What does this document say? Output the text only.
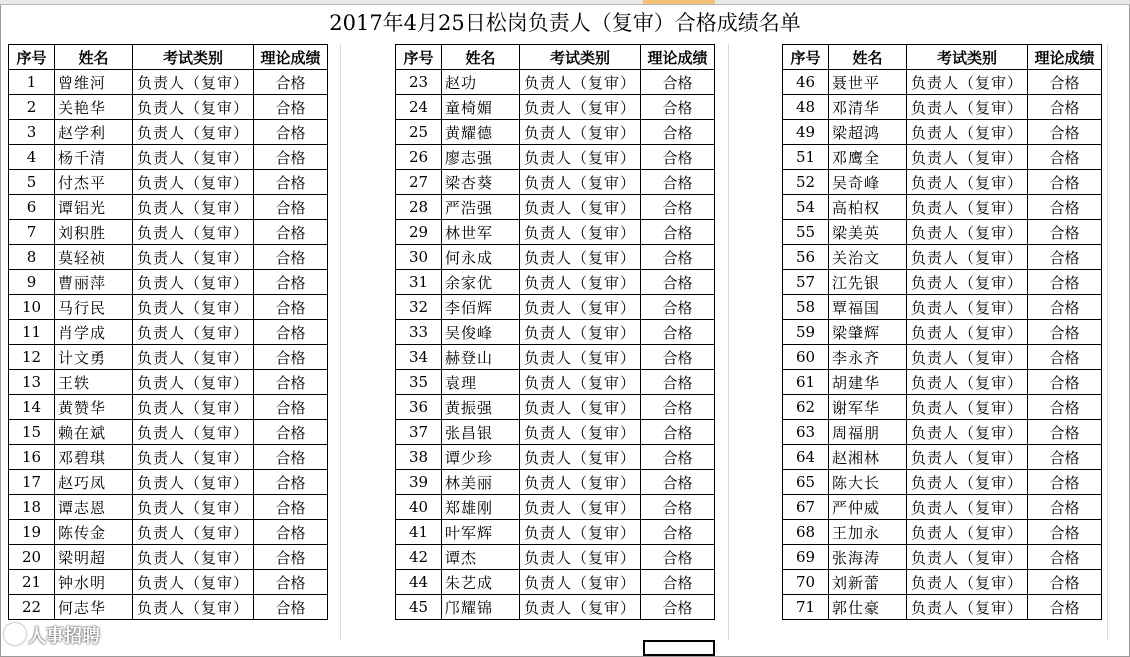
2017年4月25日松岗负责人（复审）合格成绩名单
序号	姓名	考试类别	理论成绩
1	曾维河	负责人（复审）	合格
2	关艳华	负责人（复审）	合格
3	赵学利	负责人（复审）	合格
4	杨千清	负责人（复审）	合格
5	付杰平	负责人（复审）	合格
6	谭铝光	负责人（复审）	合格
7	刘积胜	负责人（复审）	合格
8	莫轻祯	负责人（复审）	合格
9	曹丽萍	负责人（复审）	合格
10	马行民	负责人（复审）	合格
11	肖学成	负责人（复审）	合格
12	计文勇	负责人（复审）	合格
13	王轶	负责人（复审）	合格
14	黄赞华	负责人（复审）	合格
15	赖在斌	负责人（复审）	合格
16	邓碧琪	负责人（复审）	合格
17	赵巧凤	负责人（复审）	合格
18	谭志恩	负责人（复审）	合格
19	陈传金	负责人（复审）	合格
20	梁明超	负责人（复审）	合格
21	钟水明	负责人（复审）	合格
22	何志华	负责人（复审）	合格
序号	姓名	考试类别	理论成绩
23	赵功	负责人（复审）	合格
24	童椅媚	负责人（复审）	合格
25	黄耀德	负责人（复审）	合格
26	廖志强	负责人（复审）	合格
27	梁杏葵	负责人（复审）	合格
28	严浩强	负责人（复审）	合格
29	林世军	负责人（复审）	合格
30	何永成	负责人（复审）	合格
31	余家优	负责人（复审）	合格
32	李佰辉	负责人（复审）	合格
33	吴俊峰	负责人（复审）	合格
34	赫登山	负责人（复审）	合格
35	袁理	负责人（复审）	合格
36	黄振强	负责人（复审）	合格
37	张昌银	负责人（复审）	合格
38	谭少珍	负责人（复审）	合格
39	林美丽	负责人（复审）	合格
40	郑雄刚	负责人（复审）	合格
41	叶军辉	负责人（复审）	合格
42	谭杰	负责人（复审）	合格
44	朱艺成	负责人（复审）	合格
45	邝耀锦	负责人（复审）	合格
序号	姓名	考试类别	理论成绩
46	聂世平	负责人（复审）	合格
48	邓清华	负责人（复审）	合格
49	梁超鸿	负责人（复审）	合格
51	邓鹰全	负责人（复审）	合格
52	吴奇峰	负责人（复审）	合格
54	高柏权	负责人（复审）	合格
55	梁美英	负责人（复审）	合格
56	关治文	负责人（复审）	合格
57	江先银	负责人（复审）	合格
58	覃福国	负责人（复审）	合格
59	梁肇辉	负责人（复审）	合格
60	李永齐	负责人（复审）	合格
61	胡建华	负责人（复审）	合格
62	谢军华	负责人（复审）	合格
63	周福朋	负责人（复审）	合格
64	赵湘林	负责人（复审）	合格
65	陈大长	负责人（复审）	合格
67	严仲威	负责人（复审）	合格
68	王加永	负责人（复审）	合格
69	张海涛	负责人（复审）	合格
70	刘新蕾	负责人（复审）	合格
71	郭仕豪	负责人（复审）	合格
人事招聘
